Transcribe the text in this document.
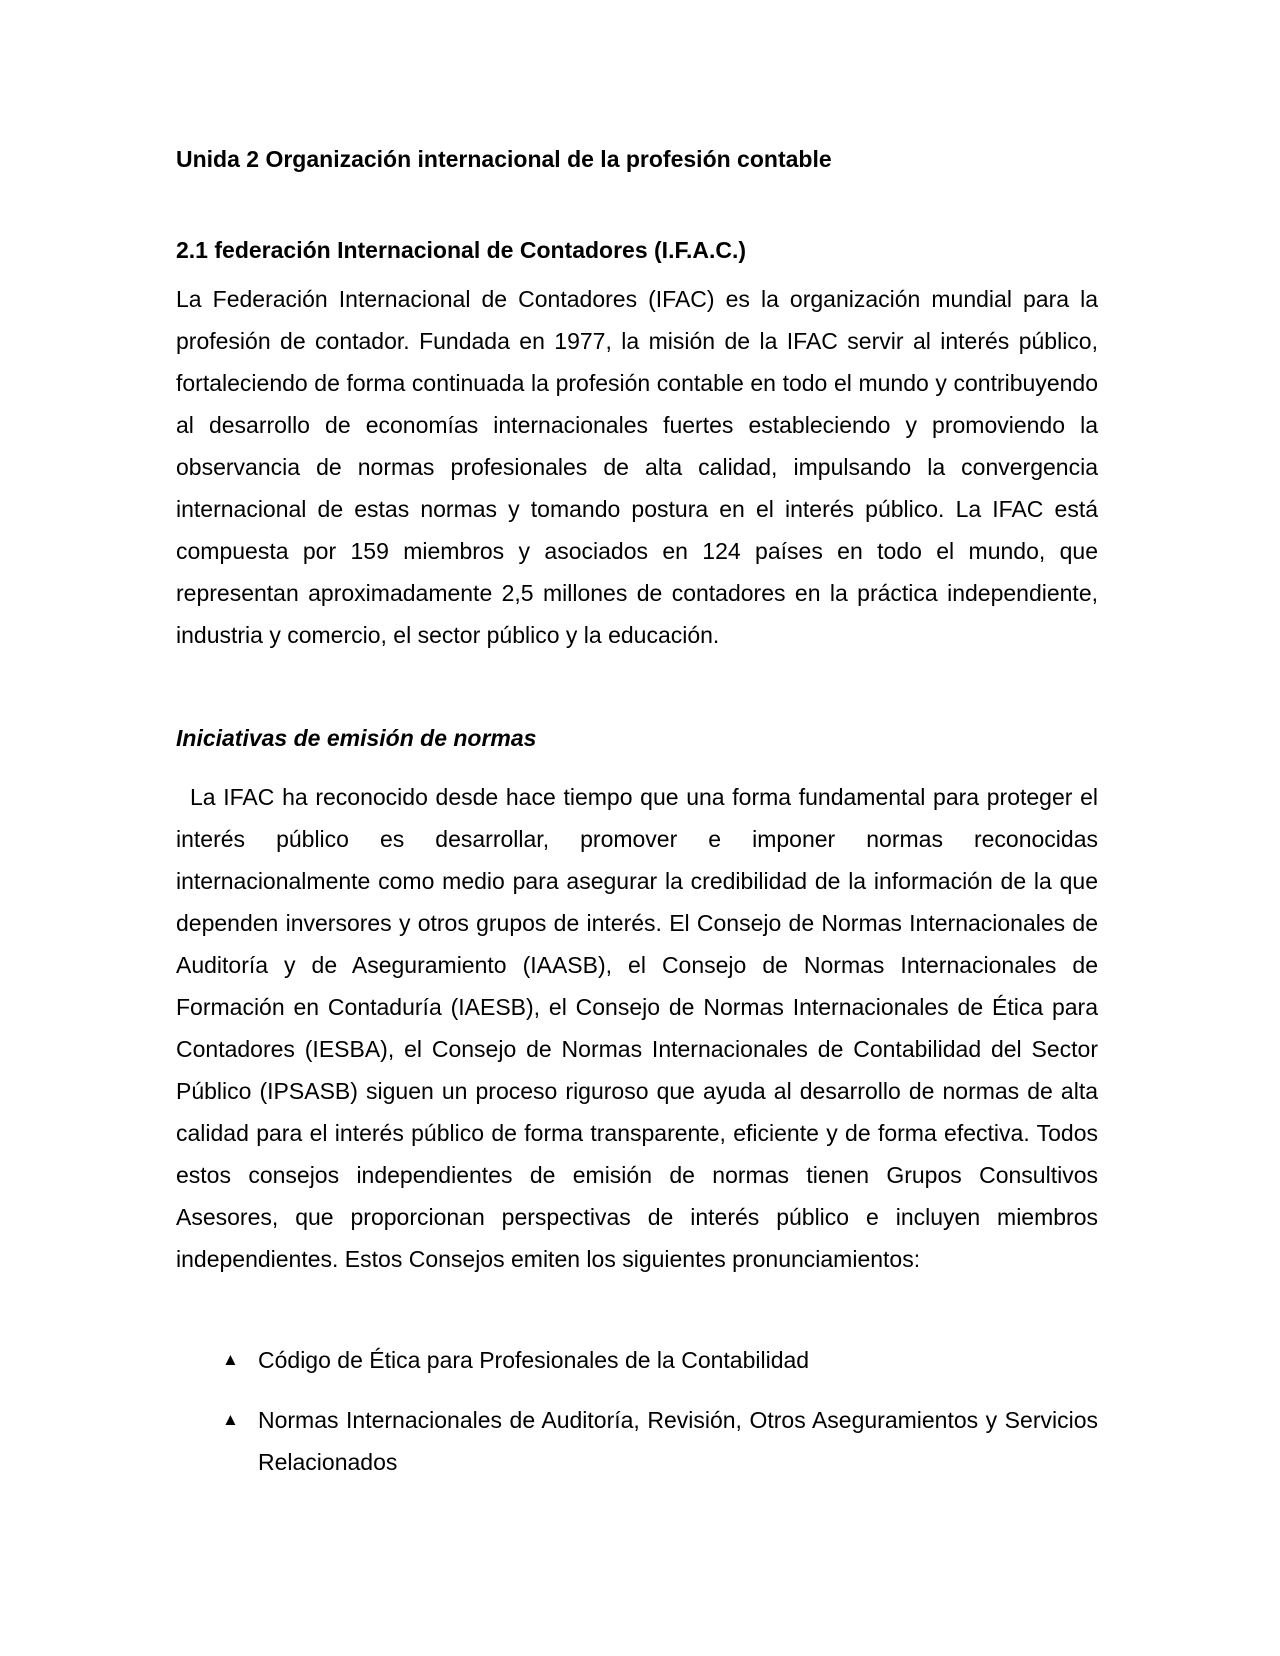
Unida 2 Organización internacional de la profesión contable
2.1 federación Internacional de Contadores (I.F.A.C.)

La Federación Internacional de Contadores (IFAC) es la organización mundial para la profesión de contador. Fundada en 1977, la misión de la IFAC servir al interés público, fortaleciendo de forma continuada la profesión contable en todo el mundo y contribuyendo al desarrollo de economías internacionales fuertes estableciendo y promoviendo la observancia de normas profesionales de alta calidad, impulsando la convergencia internacional de estas normas y tomando postura en el interés público. La IFAC está compuesta por 159 miembros y asociados en 124 países en todo el mundo, que representan aproximadamente 2,5 millones de contadores en la práctica independiente, industria y comercio, el sector público y la educación.

Iniciativas de emisión de normas

La IFAC ha reconocido desde hace tiempo que una forma fundamental para proteger el interés público es desarrollar, promover e imponer normas reconocidas internacionalmente como medio para asegurar la credibilidad de la información de la que dependen inversores y otros grupos de interés. El Consejo de Normas Internacionales de Auditoría y de Aseguramiento (IAASB), el Consejo de Normas Internacionales de Formación en Contaduría (IAESB), el Consejo de Normas Internacionales de Ética para Contadores (IESBA), el Consejo de Normas Internacionales de Contabilidad del Sector Público (IPSASB) siguen un proceso riguroso que ayuda al desarrollo de normas de alta calidad para el interés público de forma transparente, eficiente y de forma efectiva. Todos estos consejos independientes de emisión de normas tienen Grupos Consultivos Asesores, que proporcionan perspectivas de interés público e incluyen miembros independientes. Estos Consejos emiten los siguientes pronunciamientos:

▲ Código de Ética para Profesionales de la Contabilidad
▲ Normas Internacionales de Auditoría, Revisión, Otros Aseguramientos y Servicios Relacionados
